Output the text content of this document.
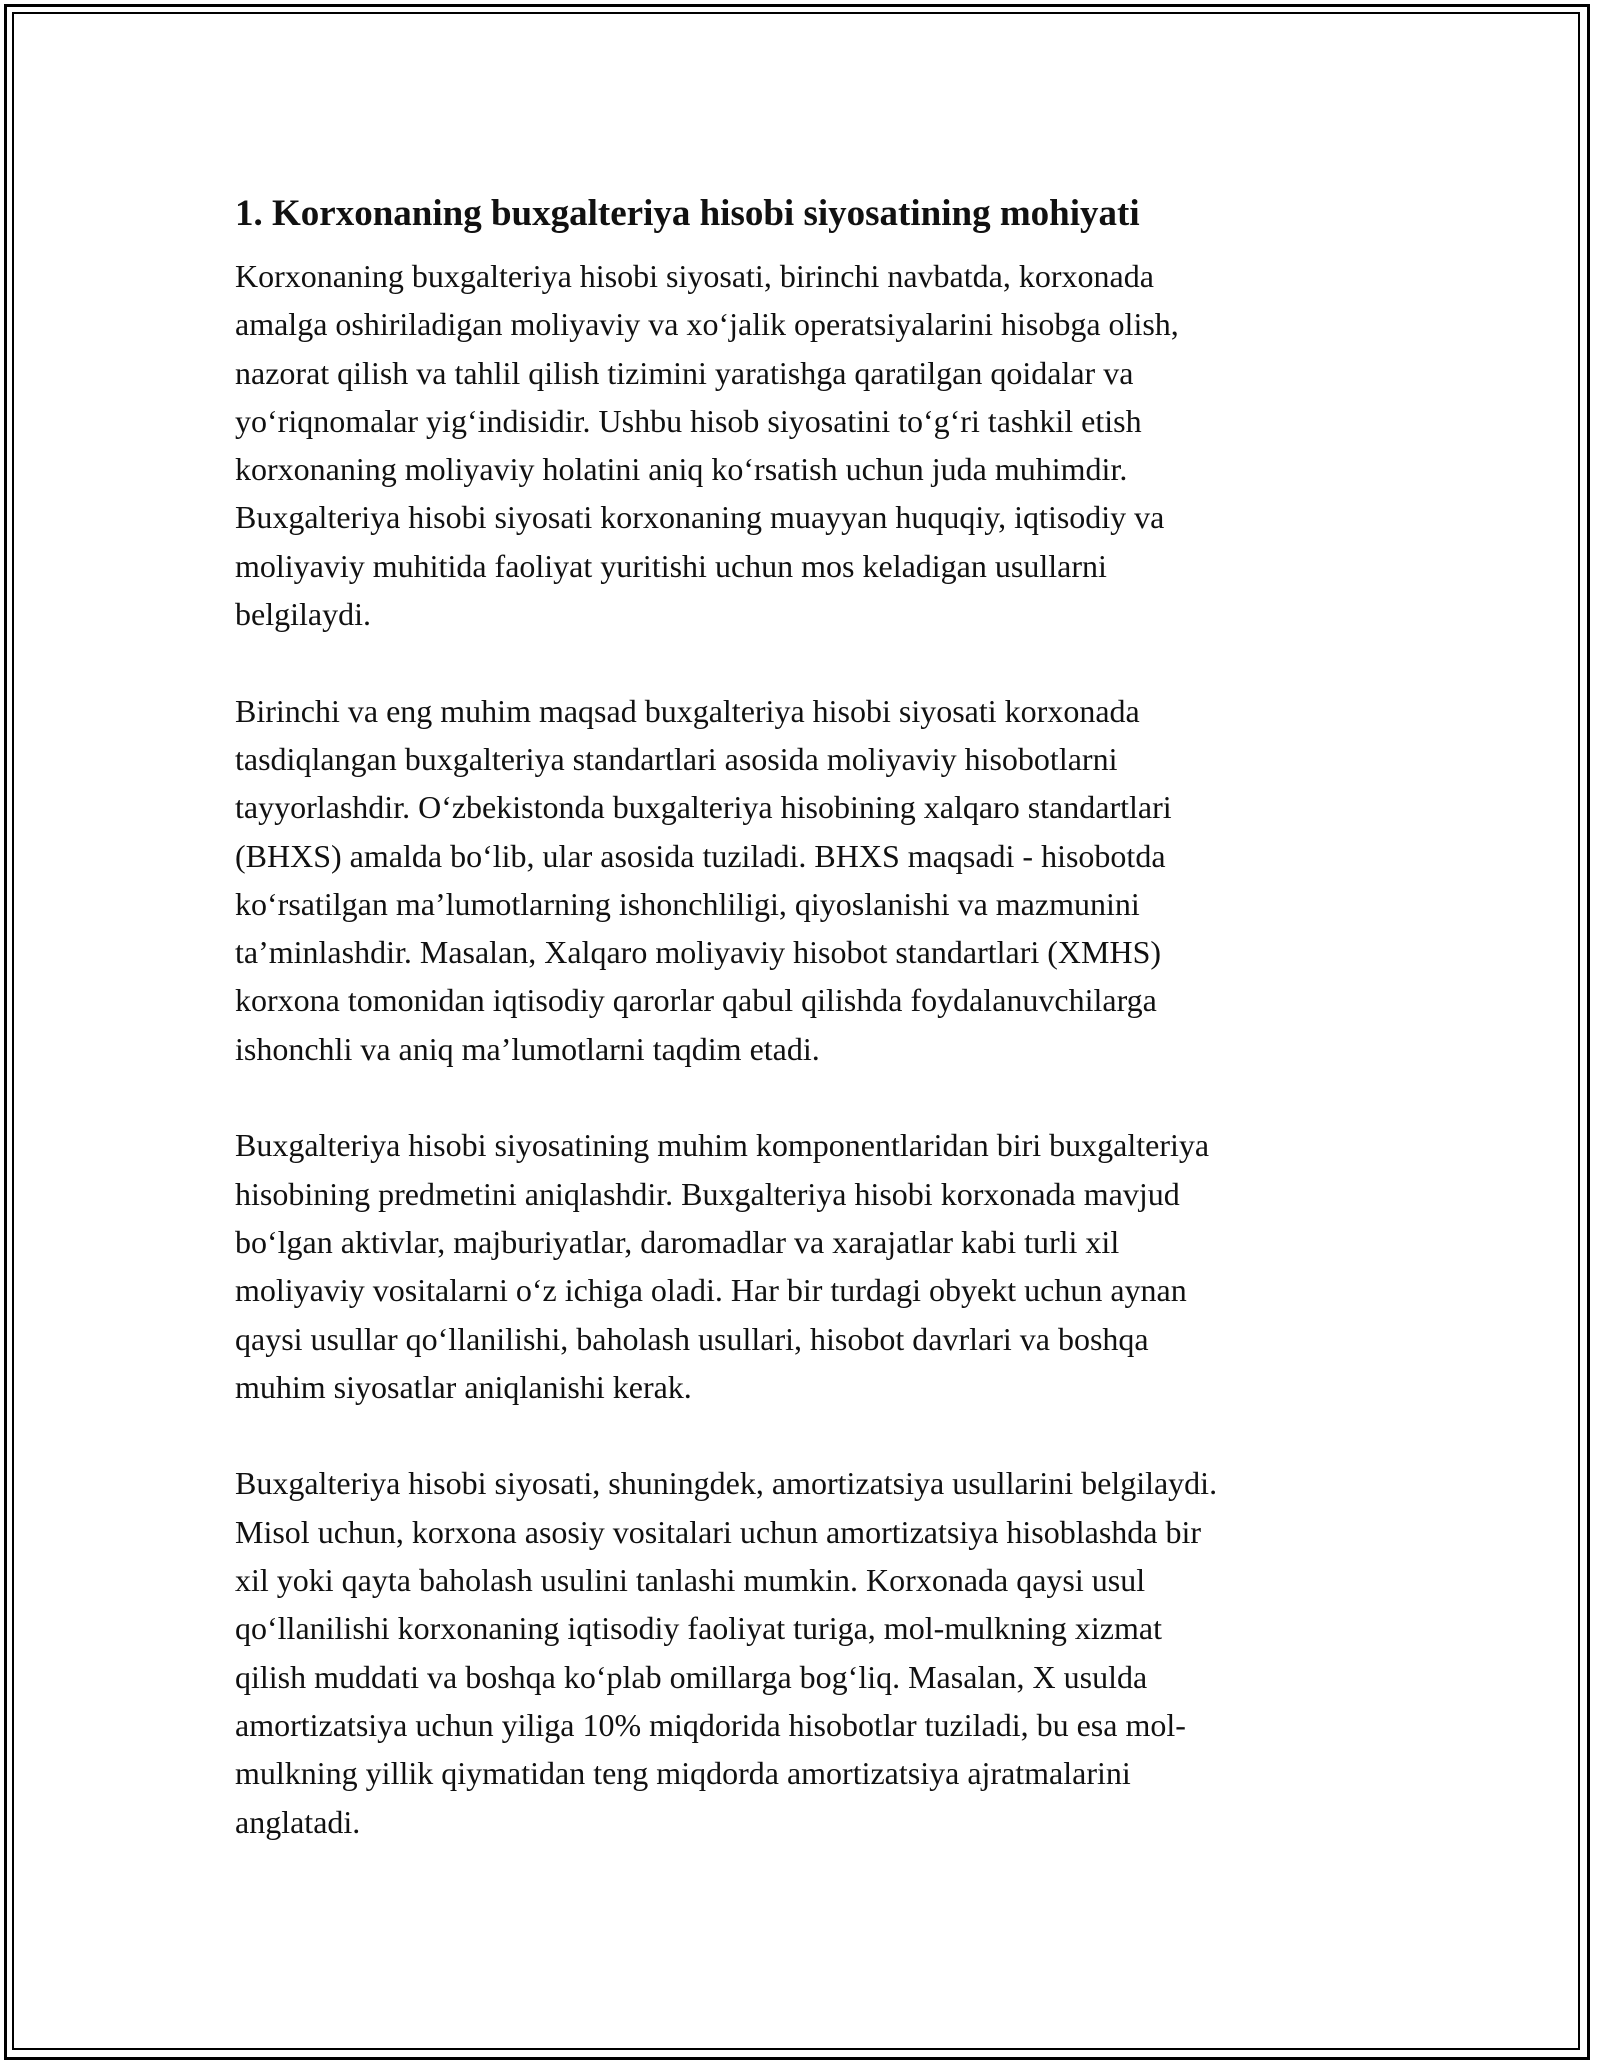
1. Korxonaning buxgalteriya hisobi siyosatining mohiyati

Korxonaning buxgalteriya hisobi siyosati, birinchi navbatda, korxonada
amalga oshiriladigan moliyaviy va xo‘jalik operatsiyalarini hisobga olish,
nazorat qilish va tahlil qilish tizimini yaratishga qaratilgan qoidalar va
yo‘riqnomalar yig‘indisidir. Ushbu hisob siyosatini to‘g‘ri tashkil etish
korxonaning moliyaviy holatini aniq ko‘rsatish uchun juda muhimdir.
Buxgalteriya hisobi siyosati korxonaning muayyan huquqiy, iqtisodiy va
moliyaviy muhitida faoliyat yuritishi uchun mos keladigan usullarni
belgilaydi.

Birinchi va eng muhim maqsad buxgalteriya hisobi siyosati korxonada
tasdiqlangan buxgalteriya standartlari asosida moliyaviy hisobotlarni
tayyorlashdir. O‘zbekistonda buxgalteriya hisobining xalqaro standartlari
(BHXS) amalda bo‘lib, ular asosida tuziladi. BHXS maqsadi - hisobotda
ko‘rsatilgan ma’lumotlarning ishonchliligi, qiyoslanishi va mazmunini
ta’minlashdir. Masalan, Xalqaro moliyaviy hisobot standartlari (XMHS)
korxona tomonidan iqtisodiy qarorlar qabul qilishda foydalanuvchilarga
ishonchli va aniq ma’lumotlarni taqdim etadi.

Buxgalteriya hisobi siyosatining muhim komponentlaridan biri buxgalteriya
hisobining predmetini aniqlashdir. Buxgalteriya hisobi korxonada mavjud
bo‘lgan aktivlar, majburiyatlar, daromadlar va xarajatlar kabi turli xil
moliyaviy vositalarni o‘z ichiga oladi. Har bir turdagi obyekt uchun aynan
qaysi usullar qo‘llanilishi, baholash usullari, hisobot davrlari va boshqa
muhim siyosatlar aniqlanishi kerak.

Buxgalteriya hisobi siyosati, shuningdek, amortizatsiya usullarini belgilaydi.
Misol uchun, korxona asosiy vositalari uchun amortizatsiya hisoblashda bir
xil yoki qayta baholash usulini tanlashi mumkin. Korxonada qaysi usul
qo‘llanilishi korxonaning iqtisodiy faoliyat turiga, mol-mulkning xizmat
qilish muddati va boshqa ko‘plab omillarga bog‘liq. Masalan, X usulda
amortizatsiya uchun yiliga 10% miqdorida hisobotlar tuziladi, bu esa mol-
mulkning yillik qiymatidan teng miqdorda amortizatsiya ajratmalarini
anglatadi.
